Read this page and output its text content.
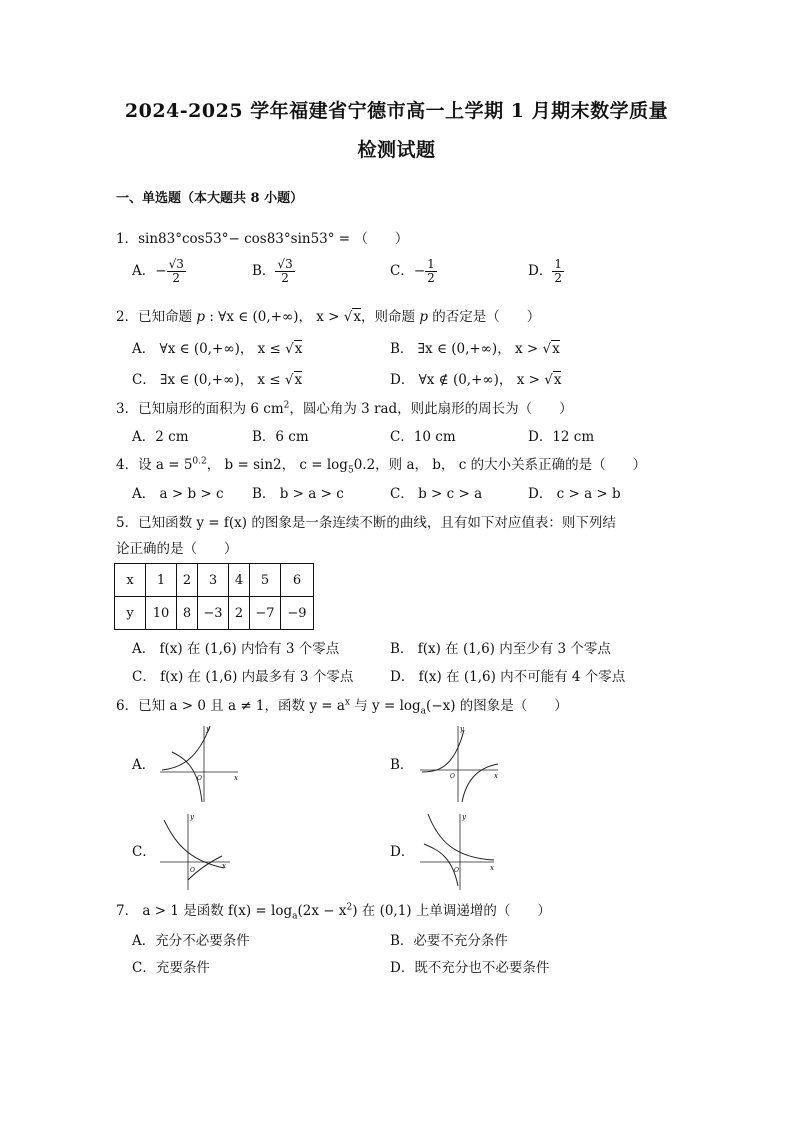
2024-2025 学年福建省宁德市高一上学期 1 月期末数学质量
检测试题
一、单选题（本大题共 8 小题）
1．sin83°cos53°− cos83°sin53° = （　　）
A．− $\frac{√3}{2}$	B． $\frac{√3}{2}$	C．− $\frac{1}{2}$	D． $\frac{1}{2}$
2．已知命题 p : ∀x ∈ (0,+∞)， x > √x，则命题 p 的否定是（　　）
A． ∀x ∈ (0,+∞)， x ≤ √x	B． ∃x ∈ (0,+∞)， x > √x
C． ∃x ∈ (0,+∞)， x ≤ √x	D． ∀x ∉ (0,+∞)， x > √x
3．已知扇形的面积为 6 $cm^2$，圆心角为 3 rad，则此扇形的周长为（　　）
A．2 cm	B．6 cm	C．10 cm	D．12 cm
4．设 $a = 5^{0.2}$， b = sin2， $c = \log_50.2$，则 a， b， c 的大小关系正确的是（　　）
A． a > b > c B． b > a > c	C． b > c > a	D． c > a > b
5．已知函数 y = f(x) 的图象是一条连续不断的曲线，且有如下对应值表：则下列结
论正确的是（　　）
x	1	2	3	4	5	6
y	10	8	−3	2	−7	−9
A． f(x) 在 (1,6) 内恰有 3 个零点	B． f(x) 在 (1,6) 内至少有 3 个零点
C． f(x) 在 (1,6) 内最多有 3 个零点	D． f(x) 在 (1,6) 内不可能有 4 个零点
6．已知 a > 0 且 a ≠ 1，函数 $y = a^x$ 与 $y = \log_a(-x)$ 的图象是（　　）
A．
y
x
O
B．
y
x
O
C．
y
x
O
D．
y
x
O
7． a > 1 是函数 $f(x) = \log_a(2x - x^2)$ 在 (0,1) 上单调递增的（　　）
A．充分不必要条件	B．必要不充分条件
C．充要条件	D．既不充分也不必要条件
